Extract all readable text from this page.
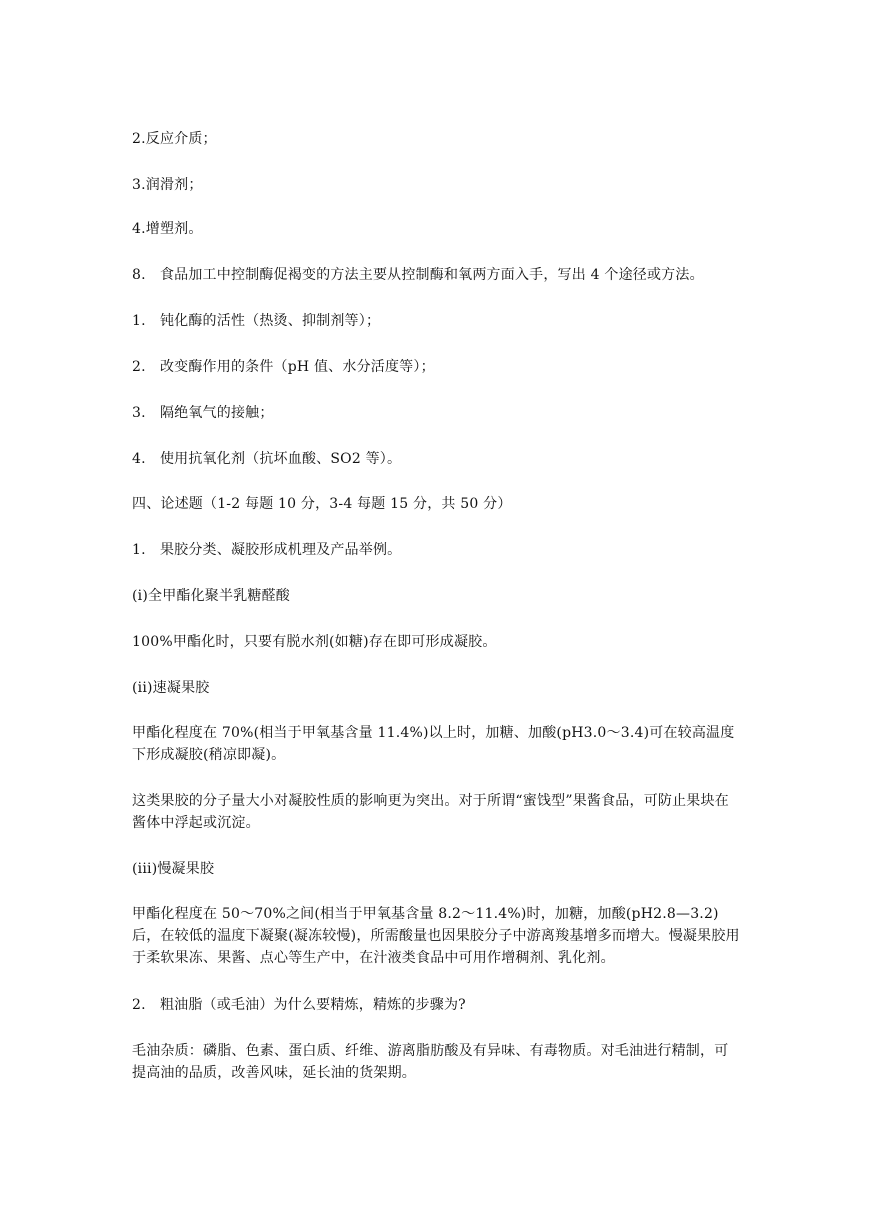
2.反应介质；

3.润滑剂；

4.增塑剂。

8.　食品加工中控制酶促褐变的方法主要从控制酶和氧两方面入手，写出 4 个途径或方法。

1.　钝化酶的活性（热烫、抑制剂等）；

2.　改变酶作用的条件（pH 值、水分活度等）；

3.　隔绝氧气的接触；

4.　使用抗氧化剂（抗坏血酸、SO2 等）。

四、论述题（1-2 每题 10 分，3-4 每题 15 分，共 50 分）

1.　果胶分类、凝胶形成机理及产品举例。

(i)全甲酯化聚半乳糖醛酸

100%甲酯化时，只要有脱水剂(如糖)存在即可形成凝胶。

(ii)速凝果胶

甲酯化程度在 70%(相当于甲氧基含量 11.4%)以上时，加糖、加酸(pH3.0～3.4)可在较高温度下形成凝胶(稍凉即凝)。

这类果胶的分子量大小对凝胶性质的影响更为突出。对于所谓“蜜饯型”果酱食品，可防止果块在酱体中浮起或沉淀。

(iii)慢凝果胶

甲酯化程度在 50～70%之间(相当于甲氧基含量 8.2～11.4%)时，加糖，加酸(pH2.8—3.2)后，在较低的温度下凝聚(凝冻较慢)，所需酸量也因果胶分子中游离羧基增多而增大。慢凝果胶用于柔软果冻、果酱、点心等生产中，在汁液类食品中可用作增稠剂、乳化剂。

2.　粗油脂（或毛油）为什么要精炼，精炼的步骤为?

毛油杂质：磷脂、色素、蛋白质、纤维、游离脂肪酸及有异味、有毒物质。对毛油进行精制，可提高油的品质，改善风味，延长油的货架期。
